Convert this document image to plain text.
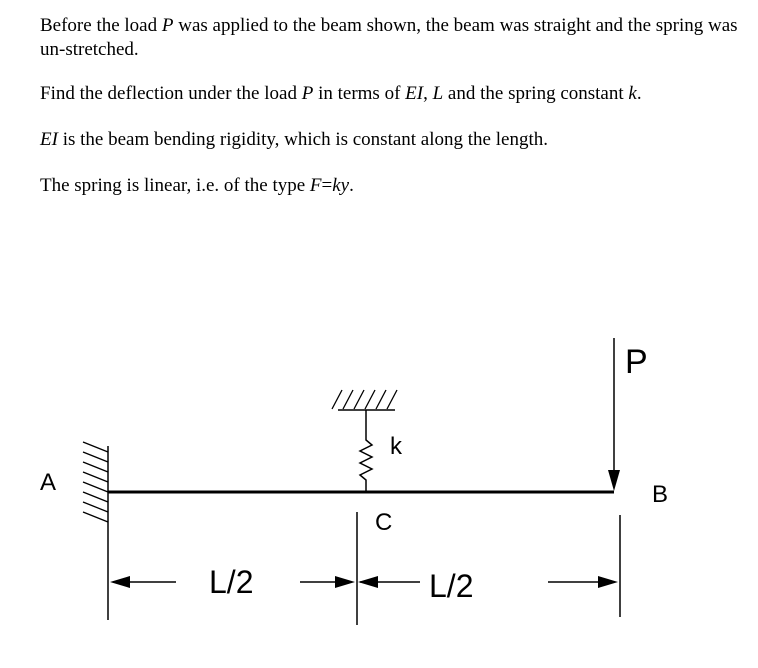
Before the load P was applied to the beam shown, the beam was straight and the spring was un-stretched.

Find the deflection under the load P in terms of EI, L and the spring constant k.

EI is the beam bending rigidity, which is constant along the length.

The spring is linear, i.e. of the type F=ky.

A	B
C
P
k
L/2	L/2
